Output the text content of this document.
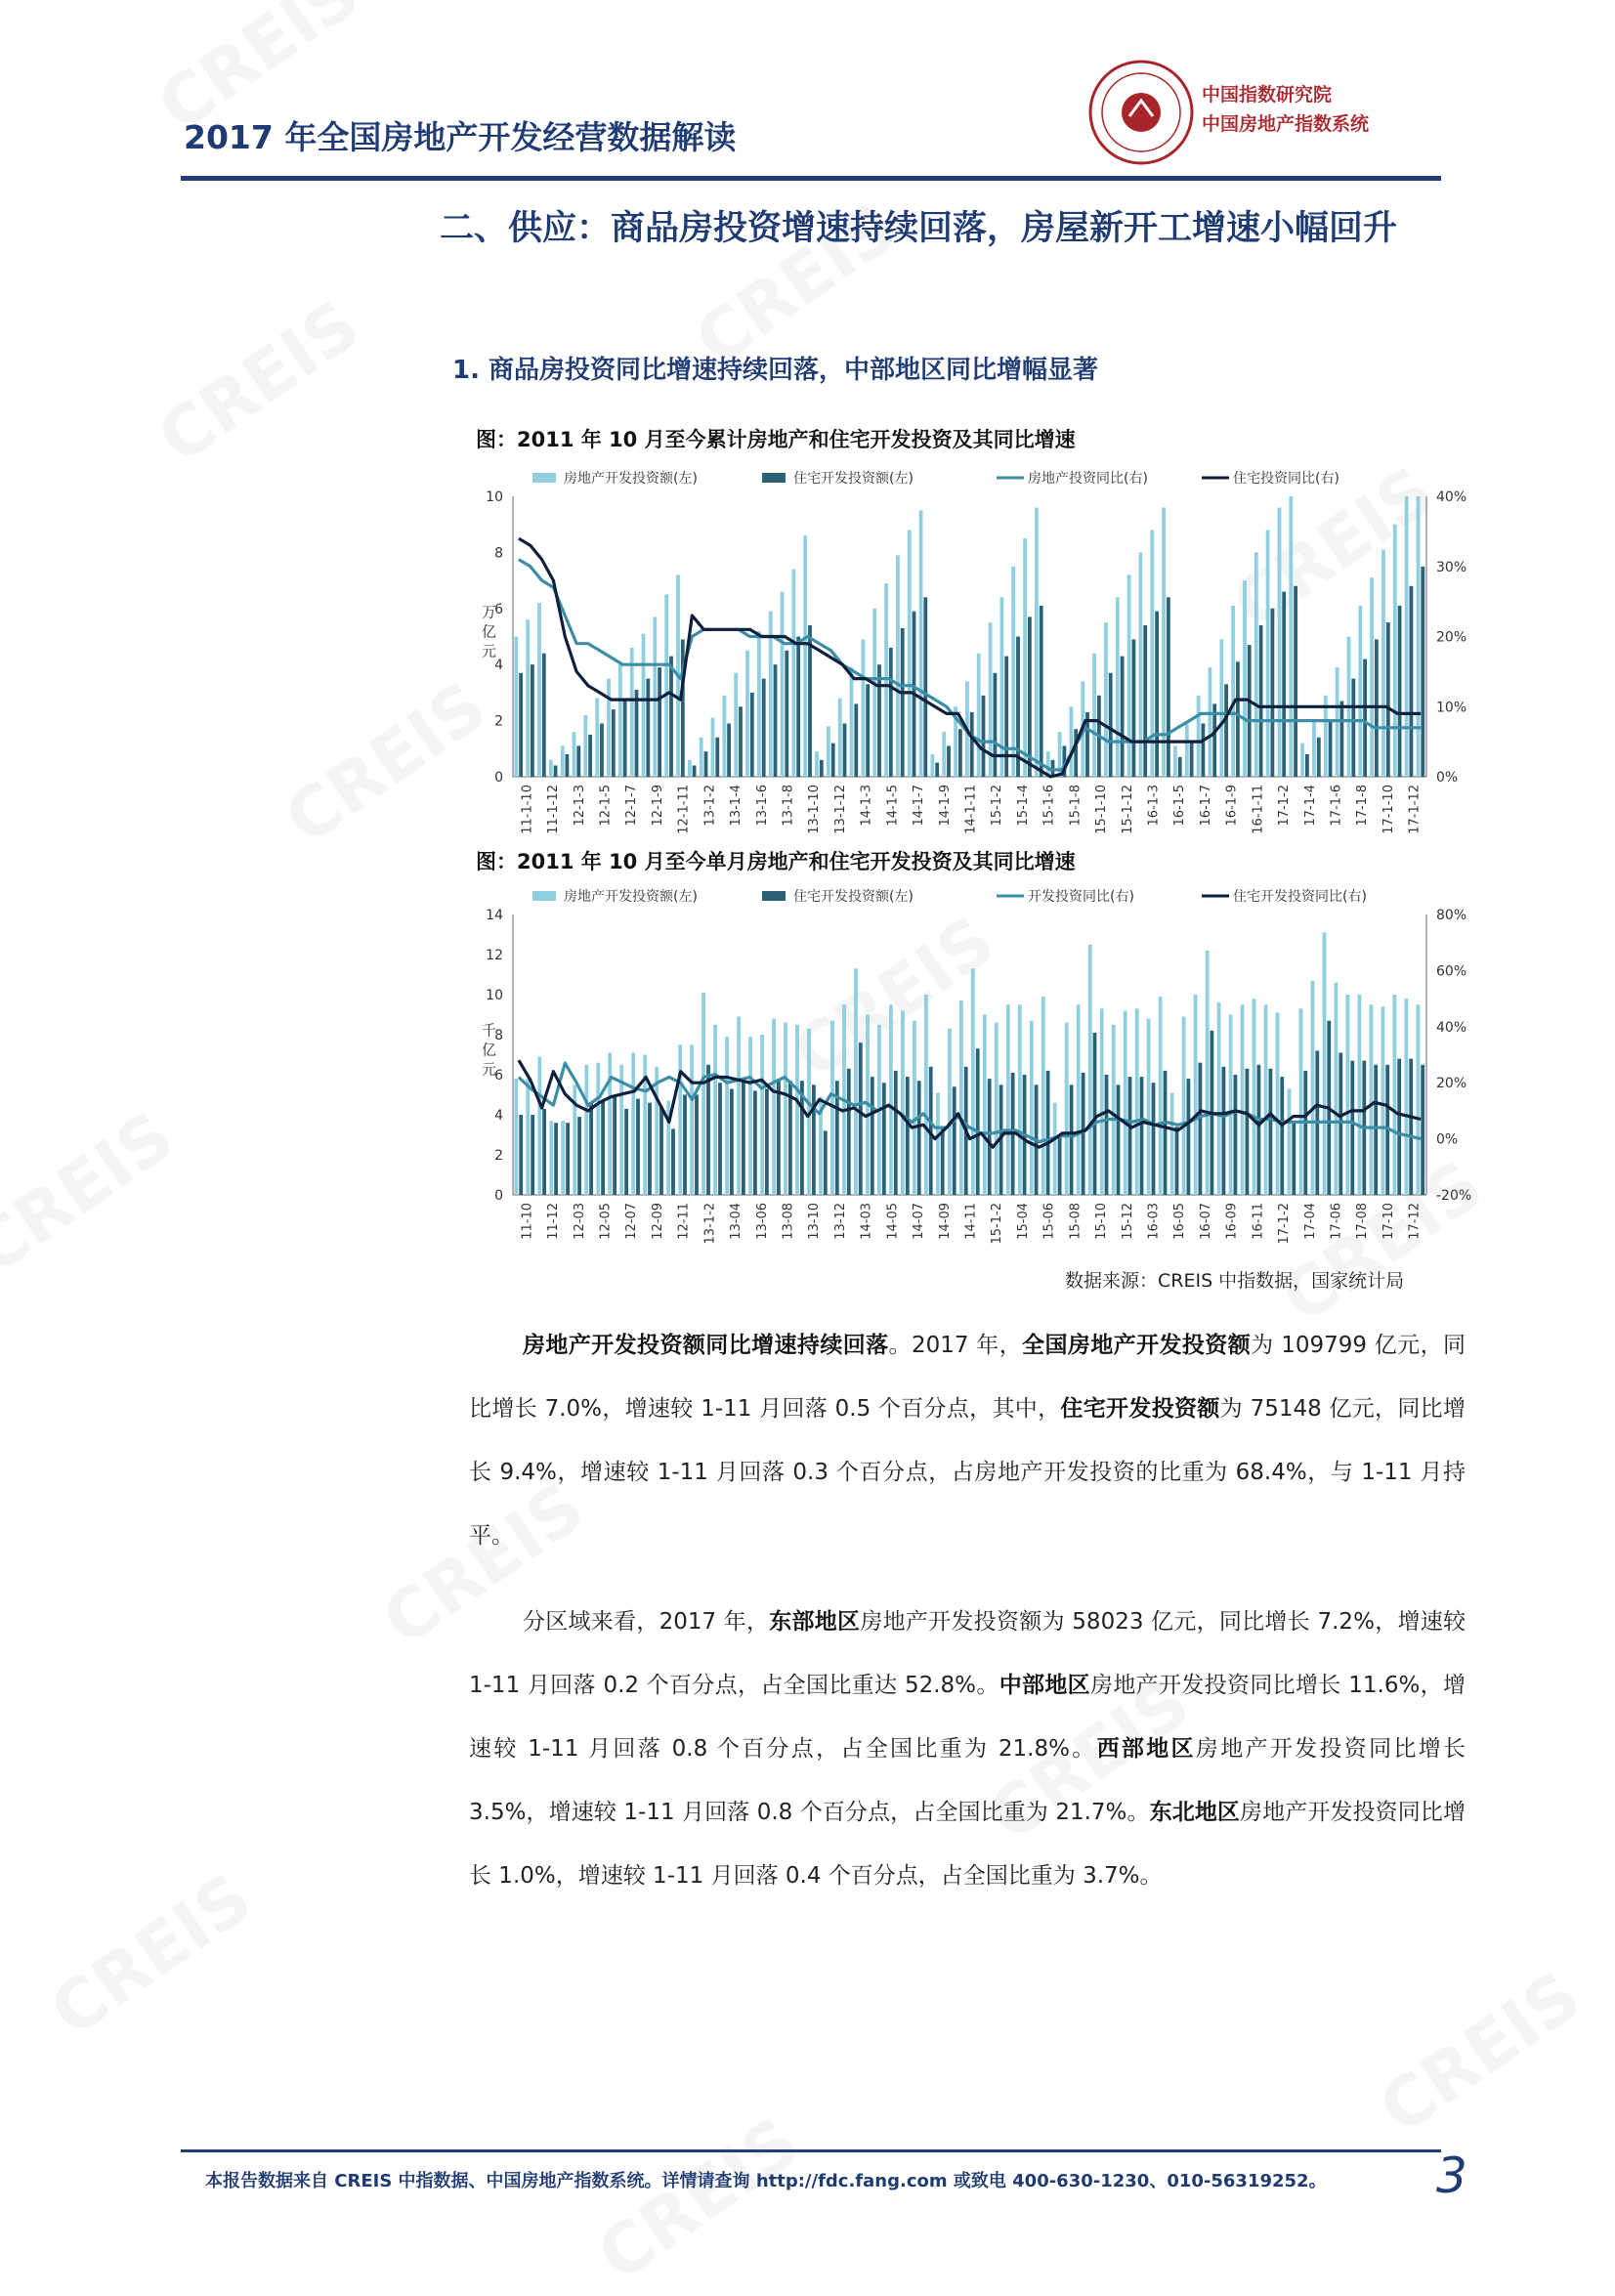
2017 年全国房地产开发经营数据解读
中国指数研究院
中国房地产指数系统
二、供应：商品房投资增速持续回落，房屋新开工增速小幅回升
1. 商品房投资同比增速持续回落，中部地区同比增幅显著
图：2011 年 10 月至今累计房地产和住宅开发投资及其同比增速
房地产开发投资额(左)	住宅开发投资额(左)	房地产投资同比(右)	住宅投资同比(右)
0
2
4
6
8
10
0%
10%
20%
30%
40%
万
亿
元
11-1-10 11-1-12 12-1-3 12-1-5 12-1-7 12-1-9 12-1-11 13-1-2 13-1-4 13-1-6 13-1-8 13-1-10 13-1-12 14-1-3 14-1-5 14-1-7 14-1-9 14-1-11 15-1-2 15-1-4 15-1-6 15-1-8 15-1-10 15-1-12 16-1-3 16-1-5 16-1-7 16-1-9 16-1-11 17-1-2 17-1-4 17-1-6 17-1-8 17-1-10 17-1-12
图：2011 年 10 月至今单月房地产和住宅开发投资及其同比增速
房地产开发投资额(左)	住宅开发投资额(左)	开发投资同比(右)	住宅开发投资同比(右)
0
2
4
6
8
10
12
14
-20%
0%
20%
40%
60%
80%
千
亿
元
11-10 11-12 12-03 12-05 12-07 12-09 12-11 13-1-2 13-04 13-06 13-08 13-10 13-12 14-03 14-05 14-07 14-09 14-11 15-1-2 15-04 15-06 15-08 15-10 15-12 16-03 16-05 16-07 16-09 16-11 17-1-2 17-04 17-06 17-08 17-10 17-12
数据来源：CREIS 中指数据，国家统计局
房地产开发投资额同比增速持续回落。2017 年，全国房地产开发投资额为 109799 亿元，同比增长 7.0%，增速较 1-11 月回落 0.5 个百分点，其中，住宅开发投资额为 75148 亿元，同比增长 9.4%，增速较 1-11 月回落 0.3 个百分点，占房地产开发投资的比重为 68.4%，与 1-11 月持平。
分区域来看，2017 年，东部地区房地产开发投资额为 58023 亿元，同比增长 7.2%，增速较 1-11 月回落 0.2 个百分点，占全国比重达 52.8%。中部地区房地产开发投资同比增长 11.6%，增速较 1-11 月回落 0.8 个百分点，占全国比重为 21.8%。西部地区房地产开发投资同比增长 3.5%，增速较 1-11 月回落 0.8 个百分点，占全国比重为 21.7%。东北地区房地产开发投资同比增长 1.0%，增速较 1-11 月回落 0.4 个百分点，占全国比重为 3.7%。
本报告数据来自 CREIS 中指数据、中国房地产指数系统。详情请查询 http://fdc.fang.com 或致电 400-630-1230、010-56319252。 3
